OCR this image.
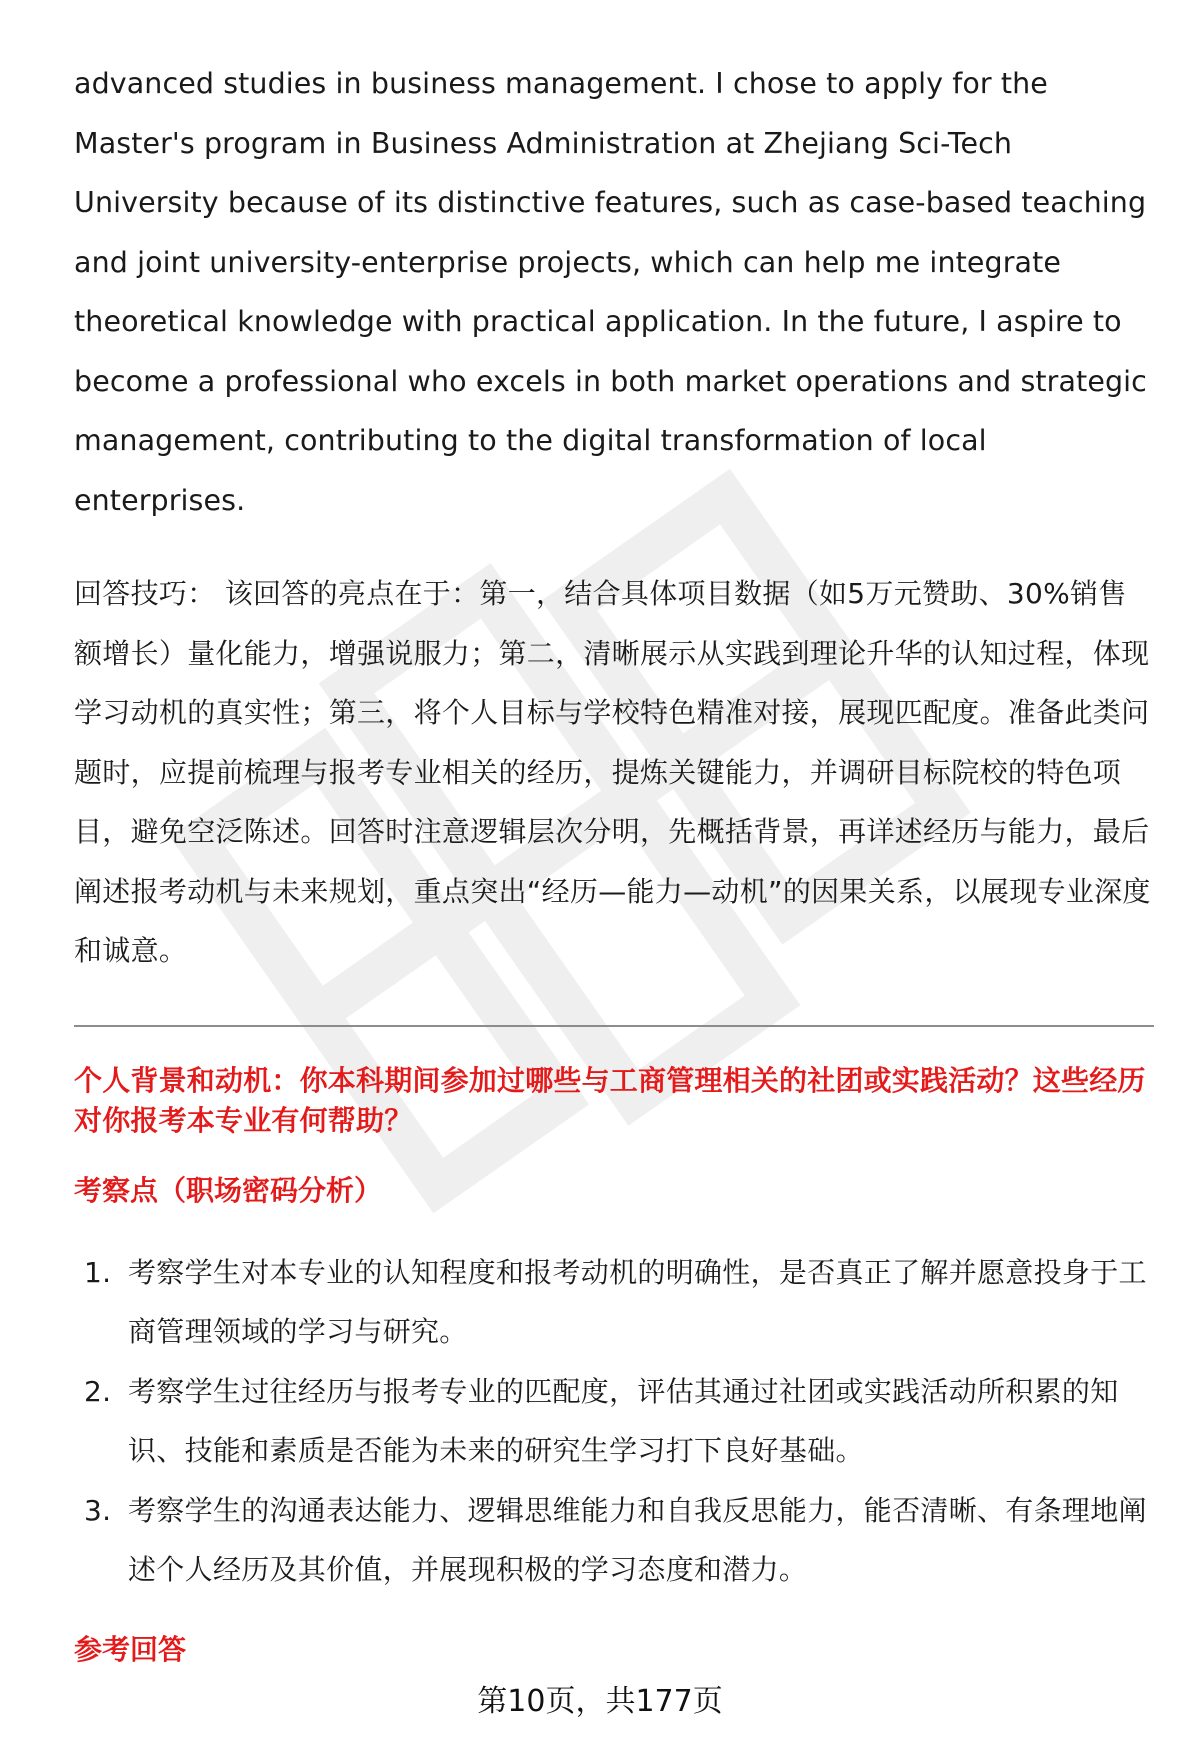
advanced studies in business management. I chose to apply for the Master's program in Business Administration at Zhejiang Sci-Tech University because of its distinctive features, such as case-based teaching and joint university-enterprise projects, which can help me integrate theoretical knowledge with practical application. In the future, I aspire to become a professional who excels in both market operations and strategic management, contributing to the digital transformation of local enterprises.

回答技巧： 该回答的亮点在于：第一，结合具体项目数据（如5万元赞助、30%销售额增长）量化能力，增强说服力；第二，清晰展示从实践到理论升华的认知过程，体现学习动机的真实性；第三，将个人目标与学校特色精准对接，展现匹配度。准备此类问题时，应提前梳理与报考专业相关的经历，提炼关键能力，并调研目标院校的特色项目，避免空泛陈述。回答时注意逻辑层次分明，先概括背景，再详述经历与能力，最后阐述报考动机与未来规划，重点突出“经历—能力—动机”的因果关系，以展现专业深度和诚意。

个人背景和动机：你本科期间参加过哪些与工商管理相关的社团或实践活动？这些经历对你报考本专业有何帮助？
考察点（职场密码分析）
1. 考察学生对本专业的认知程度和报考动机的明确性，是否真正了解并愿意投身于工商管理领域的学习与研究。
2. 考察学生过往经历与报考专业的匹配度，评估其通过社团或实践活动所积累的知识、技能和素质是否能为未来的研究生学习打下良好基础。
3. 考察学生的沟通表达能力、逻辑思维能力和自我反思能力，能否清晰、有条理地阐述个人经历及其价值，并展现积极的学习态度和潜力。
参考回答
第10页，共177页
